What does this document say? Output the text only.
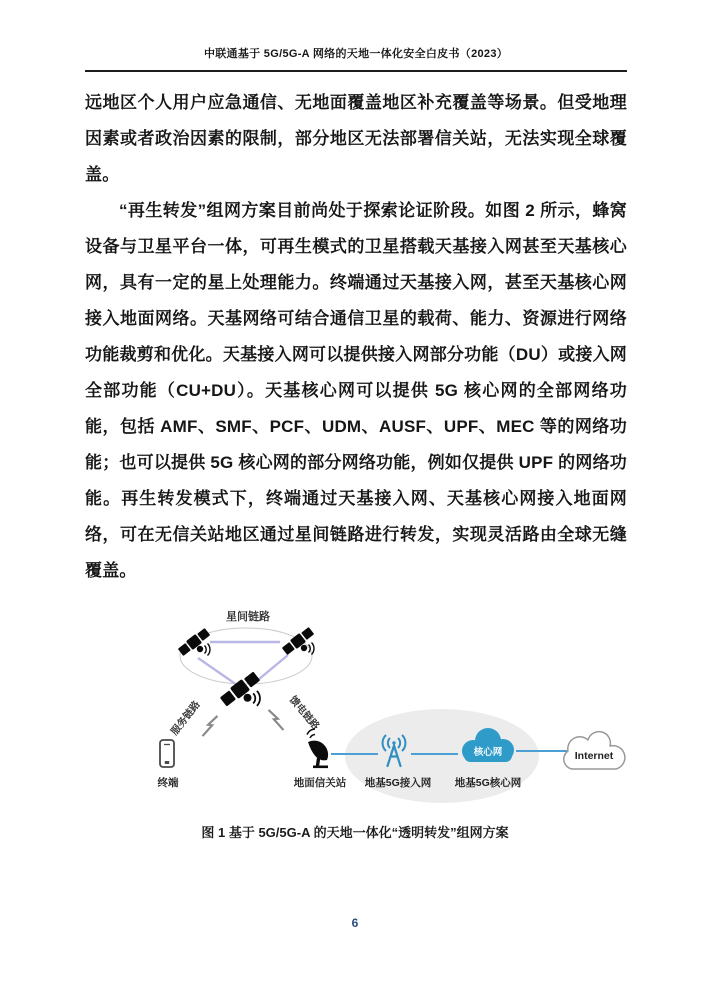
中联通基于 5G/5G-A 网络的天地一体化安全白皮书（2023）

远地区个人用户应急通信、无地面覆盖地区补充覆盖等场景。但受地理因素或者政治因素的限制，部分地区无法部署信关站，无法实现全球覆盖。

“再生转发”组网方案目前尚处于探索论证阶段。如图 2 所示，蜂窝设备与卫星平台一体，可再生模式的卫星搭载天基接入网甚至天基核心网，具有一定的星上处理能力。终端通过天基接入网，甚至天基核心网接入地面网络。天基网络可结合通信卫星的载荷、能力、资源进行网络功能裁剪和优化。天基接入网可以提供接入网部分功能（DU）或接入网全部功能（CU+DU）。天基核心网可以提供 5G 核心网的全部网络功能，包括 AMF、SMF、PCF、UDM、AUSF、UPF、MEC 等的网络功能；也可以提供 5G 核心网的部分网络功能，例如仅提供 UPF 的网络功能。再生转发模式下，终端通过天基接入网、天基核心网接入地面网络，可在无信关站地区通过星间链路进行转发，实现灵活路由全球无缝覆盖。

星间链路
服务链路	馈电链路
终端	地面信关站 地基5G接入网
核心网
地基5G核心网
Internet
图 1 基于 5G/5G-A 的天地一体化“透明转发”组网方案
6
